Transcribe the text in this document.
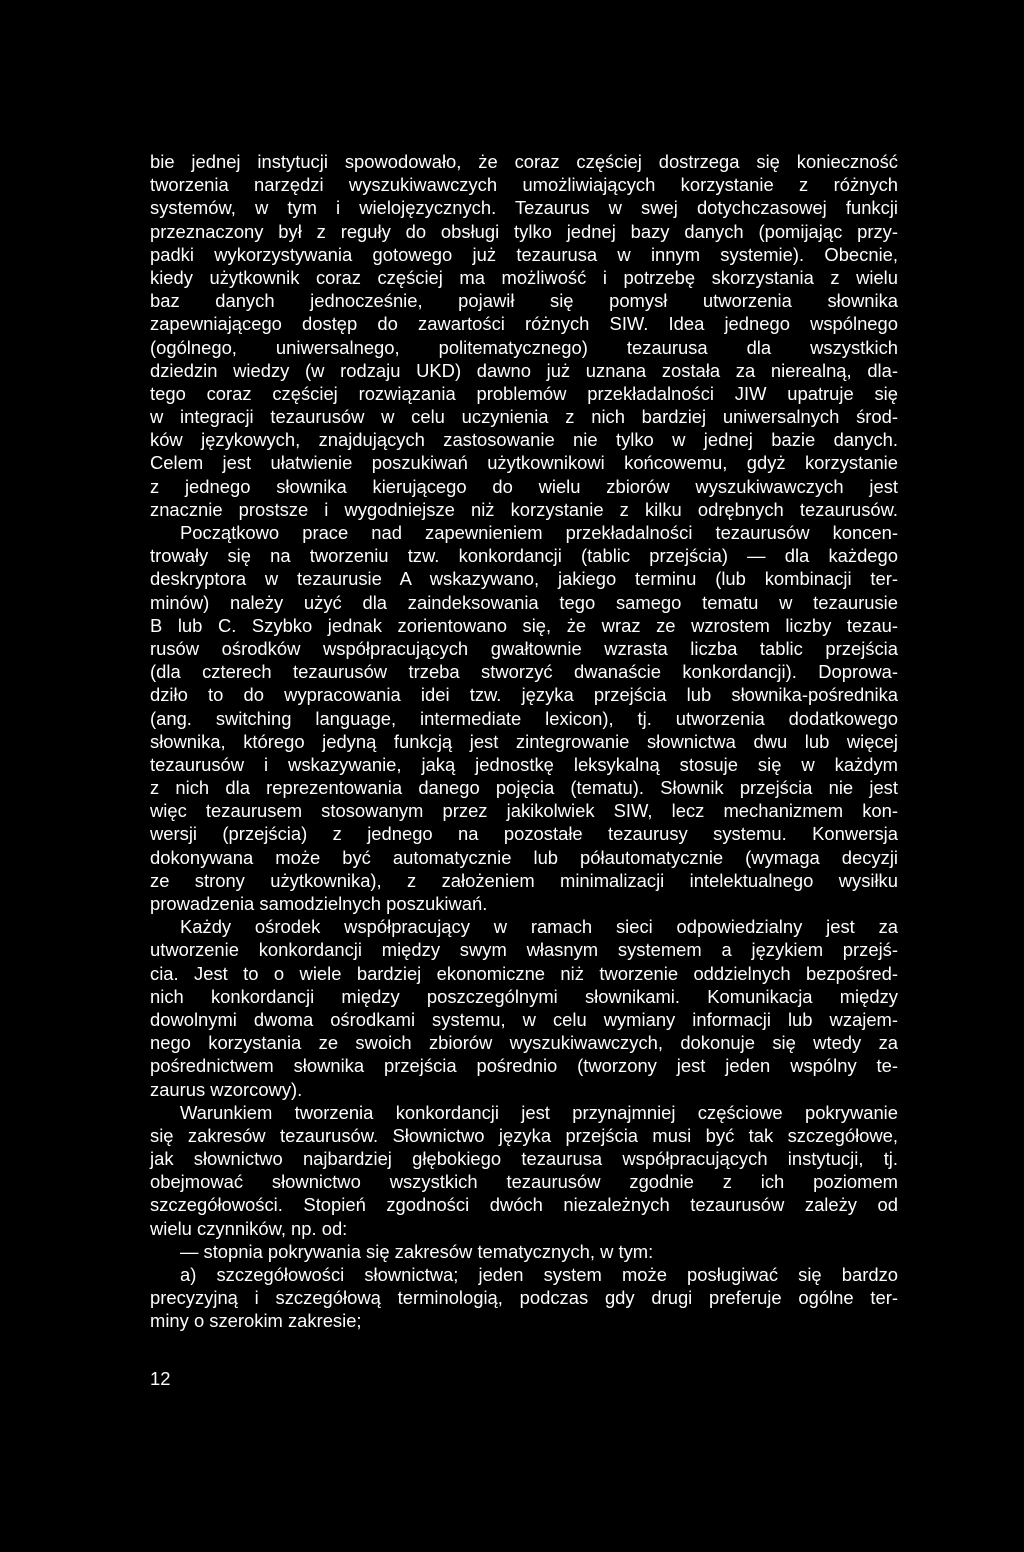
bie jednej instytucji spowodowało, że coraz częściej dostrzega się konieczność
tworzenia narzędzi wyszukiwawczych umożliwiających korzystanie z różnych
systemów, w tym i wielojęzycznych. Tezaurus w swej dotychczasowej funkcji
przeznaczony był z reguły do obsługi tylko jednej bazy danych (pomijając przy-
padki wykorzystywania gotowego już tezaurusa w innym systemie). Obecnie,
kiedy użytkownik coraz częściej ma możliwość i potrzebę skorzystania z wielu
baz danych jednocześnie, pojawił się pomysł utworzenia słownika
zapewniającego dostęp do zawartości różnych SIW. Idea jednego wspólnego
(ogólnego, uniwersalnego, politematycznego) tezaurusa dla wszystkich
dziedzin wiedzy (w rodzaju UKD) dawno już uznana została za nierealną, dla-
tego coraz częściej rozwiązania problemów przekładalności JIW upatruje się
w integracji tezaurusów w celu uczynienia z nich bardziej uniwersalnych środ-
ków językowych, znajdujących zastosowanie nie tylko w jednej bazie danych.
Celem jest ułatwienie poszukiwań użytkownikowi końcowemu, gdyż korzystanie
z jednego słownika kierującego do wielu zbiorów wyszukiwawczych jest
znacznie prostsze i wygodniejsze niż korzystanie z kilku odrębnych tezaurusów.
Początkowo prace nad zapewnieniem przekładalności tezaurusów koncen-
trowały się na tworzeniu tzw. konkordancji (tablic przejścia) — dla każdego
deskryptora w tezaurusie A wskazywano, jakiego terminu (lub kombinacji ter-
minów) należy użyć dla zaindeksowania tego samego tematu w tezaurusie
B lub C. Szybko jednak zorientowano się, że wraz ze wzrostem liczby tezau-
rusów ośrodków współpracujących gwałtownie wzrasta liczba tablic przejścia
(dla czterech tezaurusów trzeba stworzyć dwanaście konkordancji). Doprowa-
dziło to do wypracowania idei tzw. języka przejścia lub słownika-pośrednika
(ang. switching language, intermediate lexicon), tj. utworzenia dodatkowego
słownika, którego jedyną funkcją jest zintegrowanie słownictwa dwu lub więcej
tezaurusów i wskazywanie, jaką jednostkę leksykalną stosuje się w każdym
z nich dla reprezentowania danego pojęcia (tematu). Słownik przejścia nie jest
więc tezaurusem stosowanym przez jakikolwiek SIW, lecz mechanizmem kon-
wersji (przejścia) z jednego na pozostałe tezaurusy systemu. Konwersja
dokonywana może być automatycznie lub półautomatycznie (wymaga decyzji
ze strony użytkownika), z założeniem minimalizacji intelektualnego wysiłku
prowadzenia samodzielnych poszukiwań.
Każdy ośrodek współpracujący w ramach sieci odpowiedzialny jest za
utworzenie konkordancji między swym własnym systemem a językiem przejś-
cia. Jest to o wiele bardziej ekonomiczne niż tworzenie oddzielnych bezpośred-
nich konkordancji między poszczególnymi słownikami. Komunikacja między
dowolnymi dwoma ośrodkami systemu, w celu wymiany informacji lub wzajem-
nego korzystania ze swoich zbiorów wyszukiwawczych, dokonuje się wtedy za
pośrednictwem słownika przejścia pośrednio (tworzony jest jeden wspólny te-
zaurus wzorcowy).
Warunkiem tworzenia konkordancji jest przynajmniej częściowe pokrywanie
się zakresów tezaurusów. Słownictwo języka przejścia musi być tak szczegółowe,
jak słownictwo najbardziej głębokiego tezaurusa współpracujących instytucji, tj.
obejmować słownictwo wszystkich tezaurusów zgodnie z ich poziomem
szczegółowości. Stopień zgodności dwóch niezależnych tezaurusów zależy od
wielu czynników, np. od:
— stopnia pokrywania się zakresów tematycznych, w tym:
a) szczegółowości słownictwa; jeden system może posługiwać się bardzo
precyzyjną i szczegółową terminologią, podczas gdy drugi preferuje ogólne ter-
miny o szerokim zakresie;
12
